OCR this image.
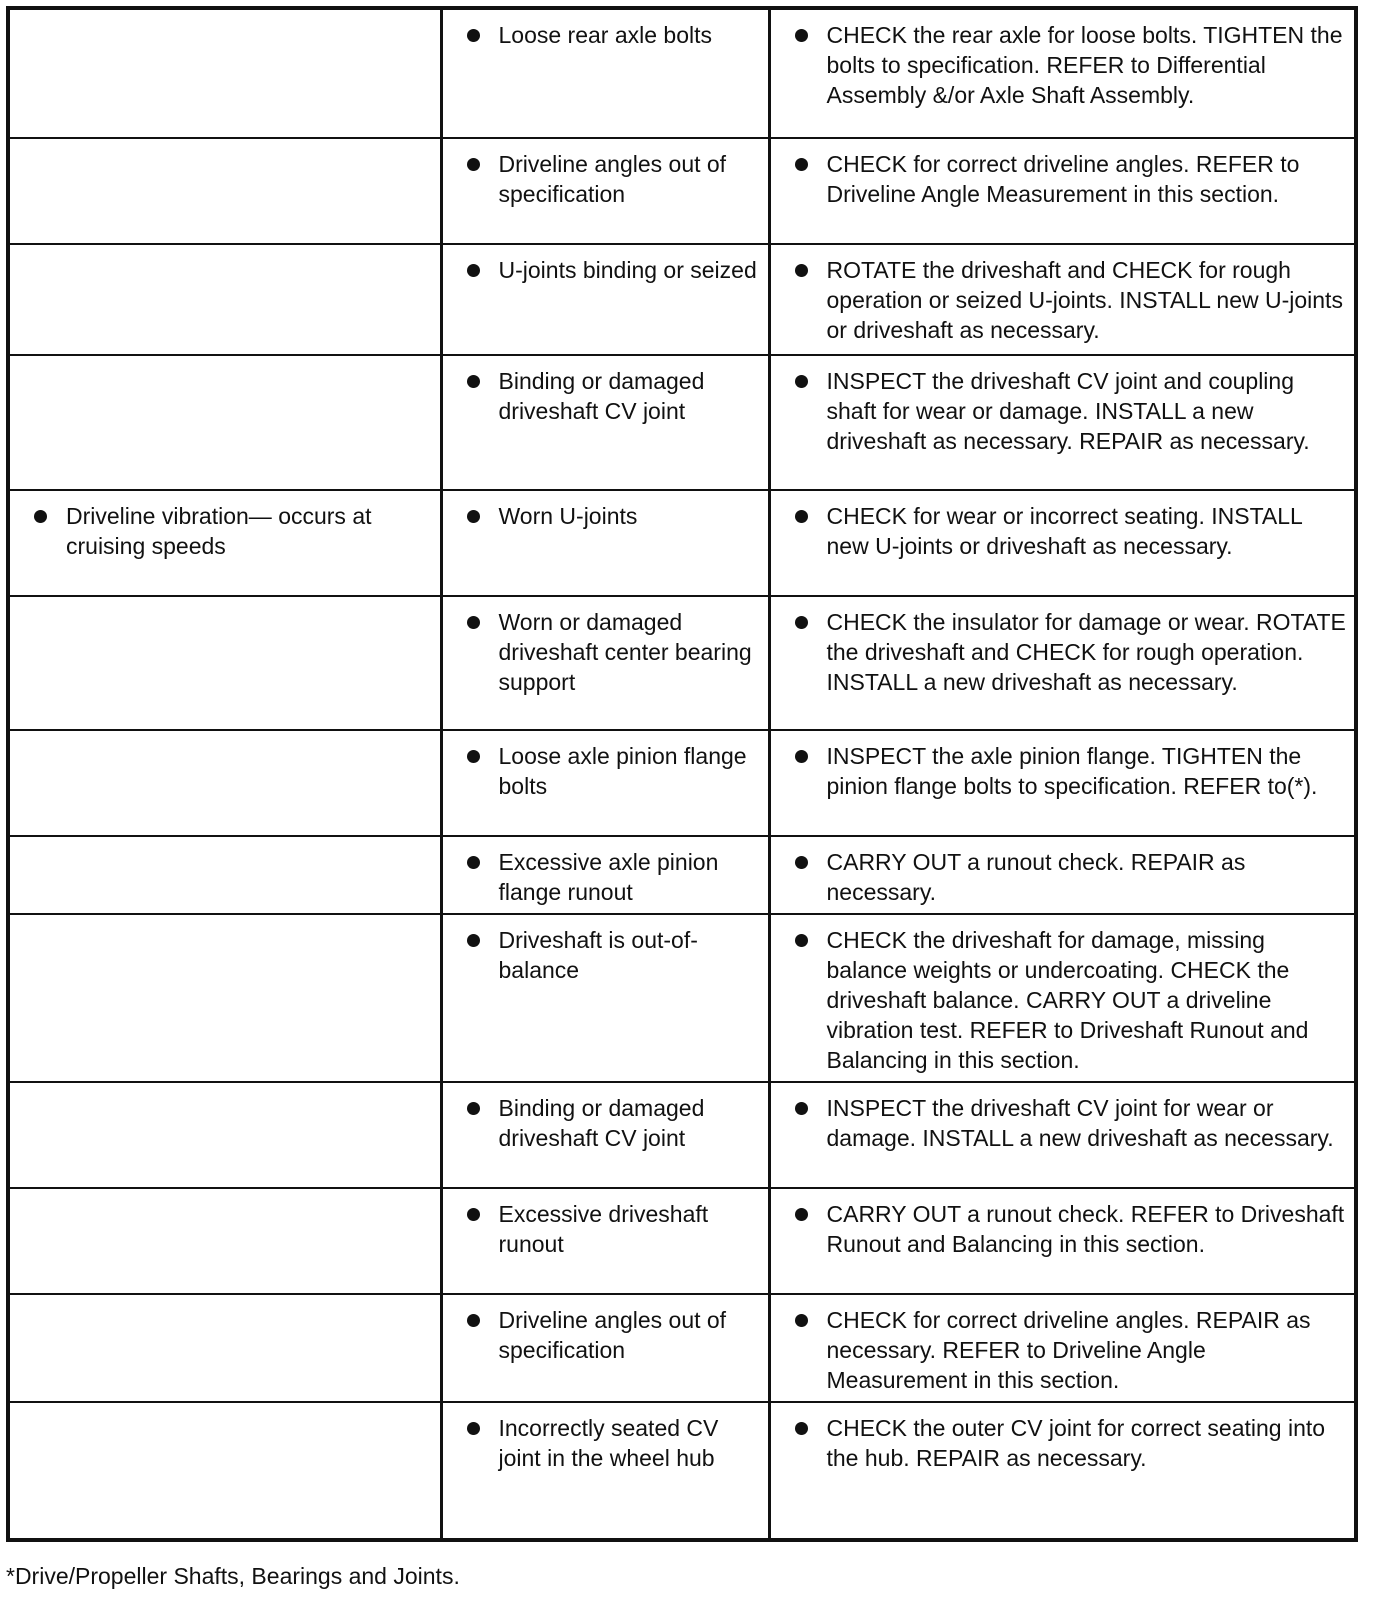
Loose rear axle bolts	CHECK the rear axle for loose bolts. TIGHTEN the bolts to specification. REFER to Differential Assembly &/or Axle Shaft Assembly.

Driveline angles out of specification	CHECK for correct driveline angles. REFER to Driveline Angle Measurement in this section.

U-joints binding or seized	ROTATE the driveshaft and CHECK for rough operation or seized U-joints. INSTALL new U-joints or driveshaft as necessary.

Binding or damaged driveshaft CV joint	INSPECT the driveshaft CV joint and coupling shaft for wear or damage. INSTALL a new driveshaft as necessary. REPAIR as necessary.

Driveline vibration— occurs at cruising speeds	Worn U-joints	CHECK for wear or incorrect seating. INSTALL new U-joints or driveshaft as necessary.

Worn or damaged driveshaft center bearing support	CHECK the insulator for damage or wear. ROTATE the driveshaft and CHECK for rough operation. INSTALL a new driveshaft as necessary.

Loose axle pinion flange bolts	INSPECT the axle pinion flange. TIGHTEN the pinion flange bolts to specification. REFER to(*).

Excessive axle pinion flange runout	CARRY OUT a runout check. REPAIR as necessary.

Driveshaft is out-of-balance	CHECK the driveshaft for damage, missing balance weights or undercoating. CHECK the driveshaft balance. CARRY OUT a driveline vibration test. REFER to Driveshaft Runout and Balancing in this section.

Binding or damaged driveshaft CV joint	INSPECT the driveshaft CV joint for wear or damage. INSTALL a new driveshaft as necessary.

Excessive driveshaft runout	CARRY OUT a runout check. REFER to Driveshaft Runout and Balancing in this section.

Driveline angles out of specification	CHECK for correct driveline angles. REPAIR as necessary. REFER to Driveline Angle Measurement in this section.

Incorrectly seated CV joint in the wheel hub	CHECK the outer CV joint for correct seating into the hub. REPAIR as necessary.
*Drive/Propeller Shafts, Bearings and Joints.
